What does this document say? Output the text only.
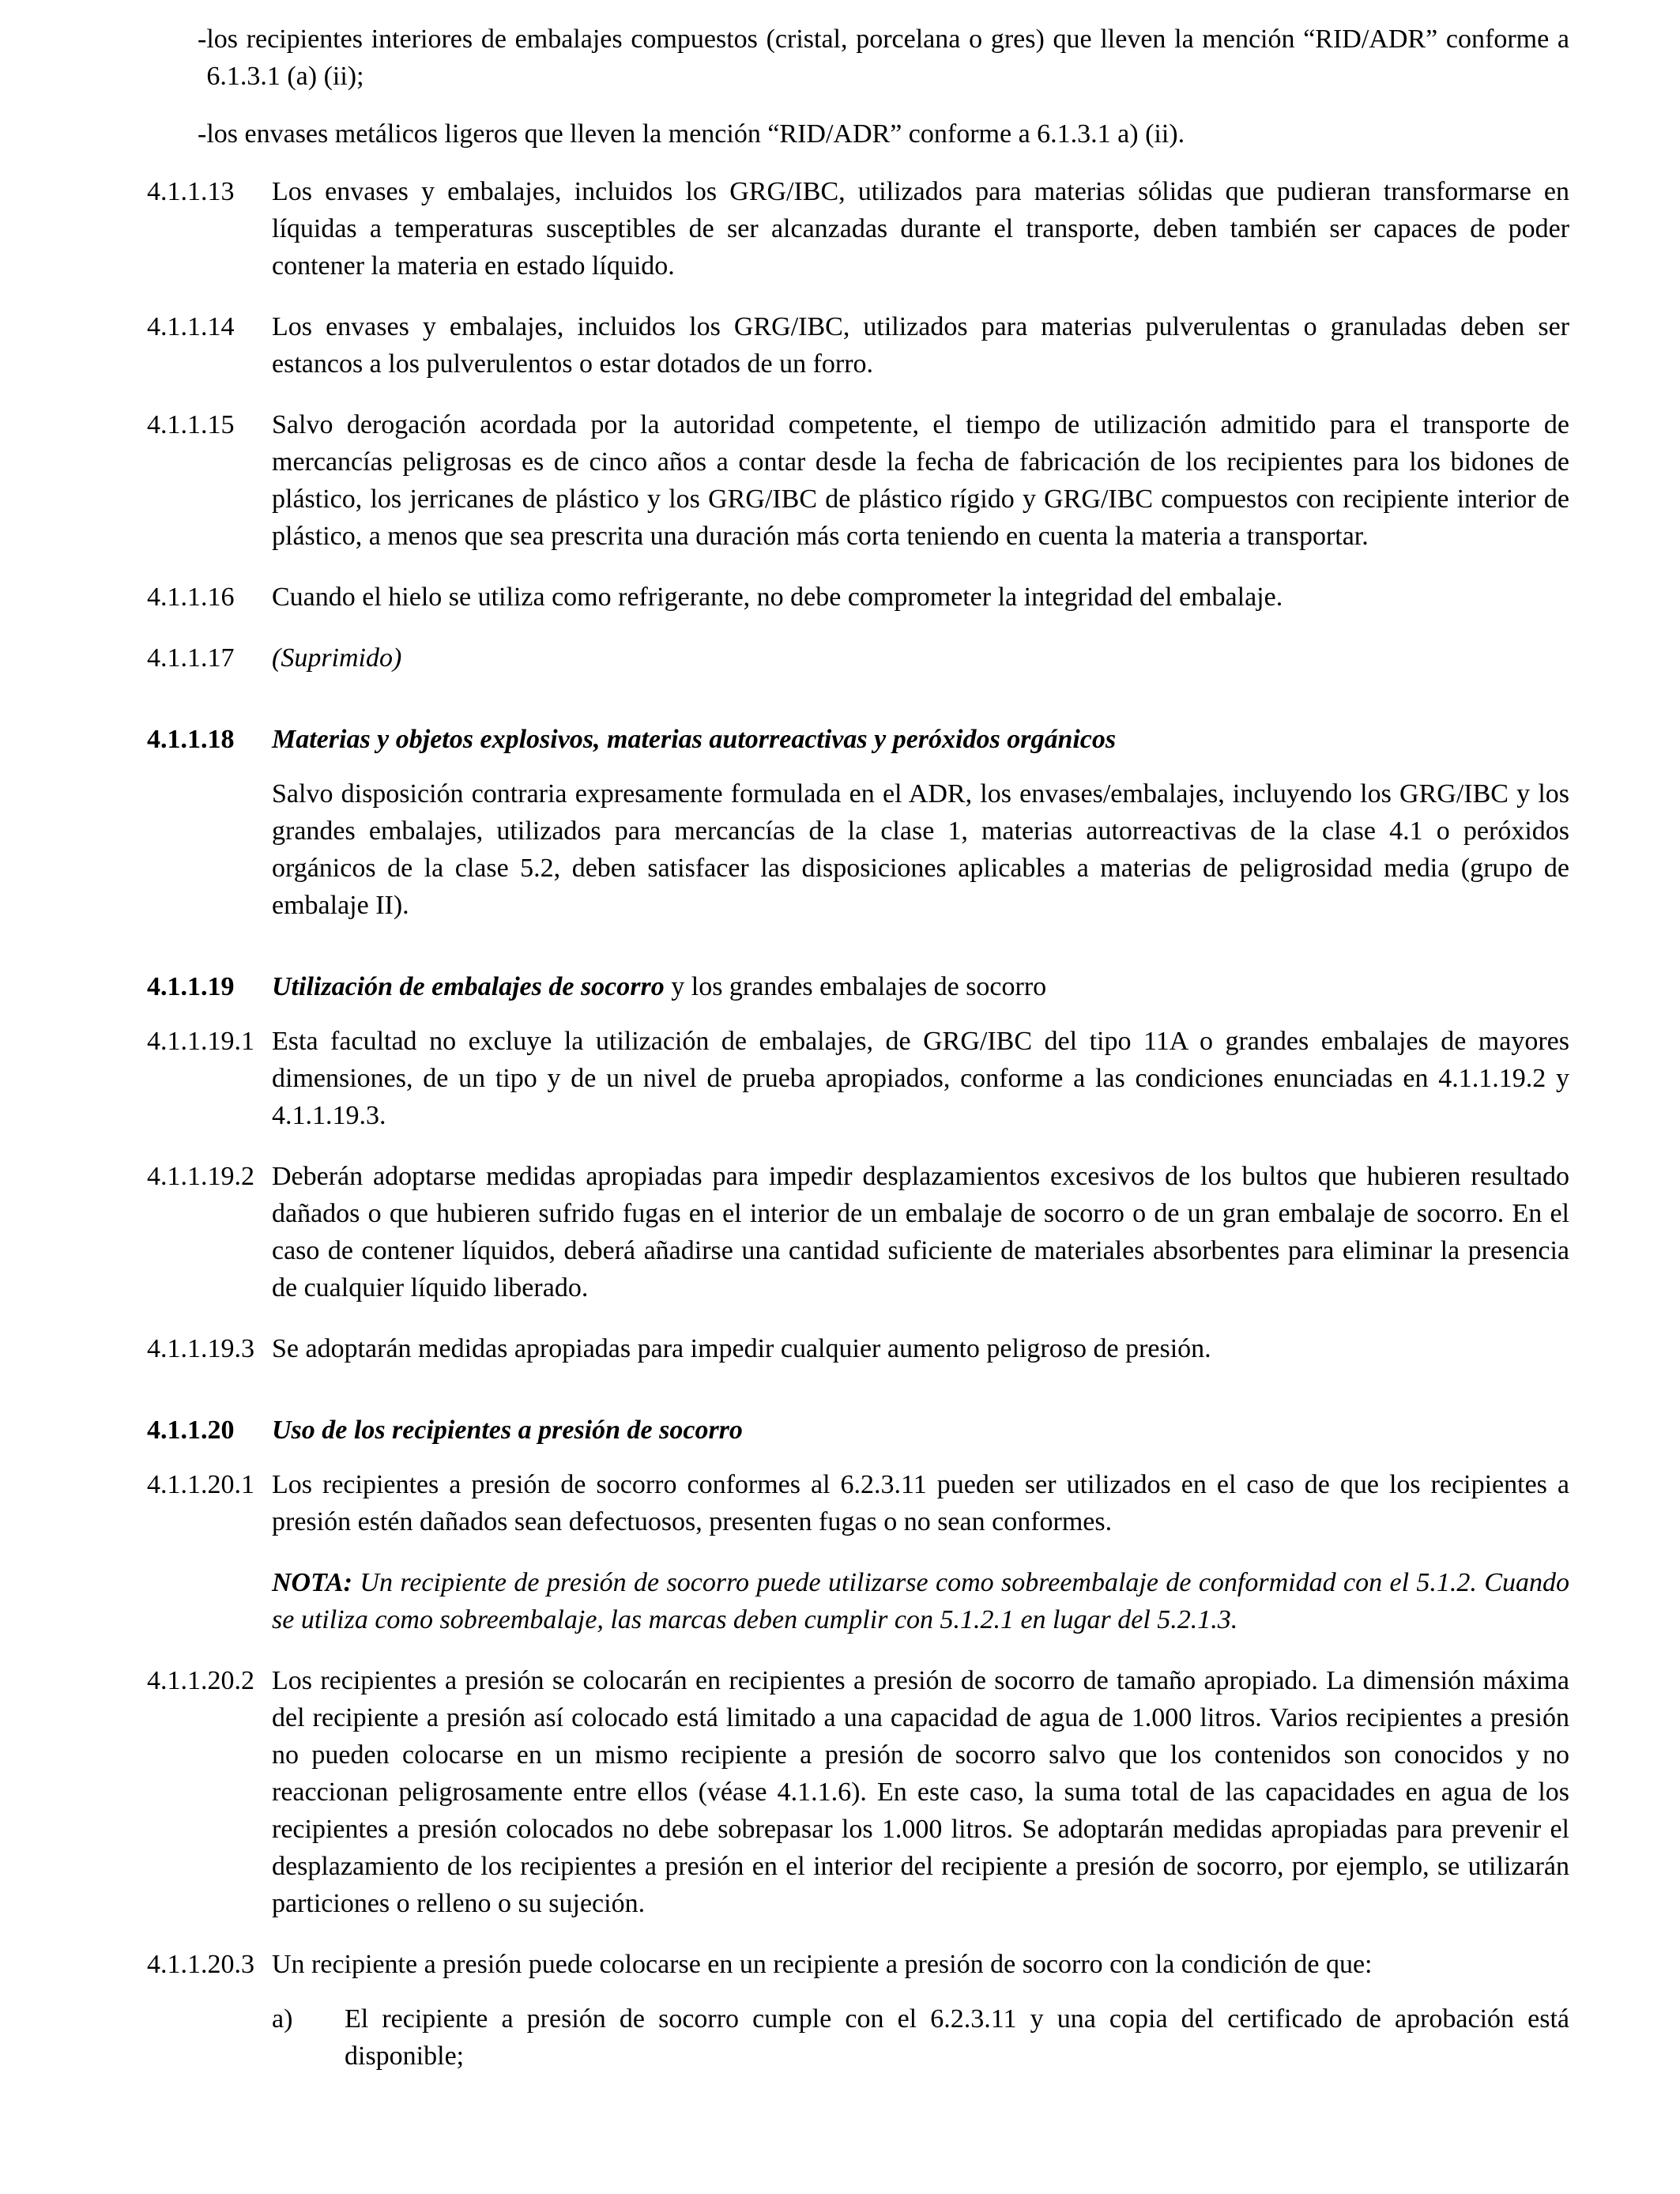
- los recipientes interiores de embalajes compuestos (cristal, porcelana o gres) que lleven la mención “RID/ADR” conforme a 6.1.3.1 (a) (ii);
- los envases metálicos ligeros que lleven la mención “RID/ADR” conforme a 6.1.3.1 a) (ii).
4.1.1.13	Los envases y embalajes, incluidos los GRG/IBC, utilizados para materias sólidas que pudieran transformarse en líquidas a temperaturas susceptibles de ser alcanzadas durante el transporte, deben también ser capaces de poder contener la materia en estado líquido.
4.1.1.14	Los envases y embalajes, incluidos los GRG/IBC, utilizados para materias pulverulentas o granuladas deben ser estancos a los pulverulentos o estar dotados de un forro.
4.1.1.15	Salvo derogación acordada por la autoridad competente, el tiempo de utilización admitido para el transporte de mercancías peligrosas es de cinco años a contar desde la fecha de fabricación de los recipientes para los bidones de plástico, los jerricanes de plástico y los GRG/IBC de plástico rígido y GRG/IBC compuestos con recipiente interior de plástico, a menos que sea prescrita una duración más corta teniendo en cuenta la materia a transportar.
4.1.1.16	Cuando el hielo se utiliza como refrigerante, no debe comprometer la integridad del embalaje.
4.1.1.17	(Suprimido)
4.1.1.18	Materias y objetos explosivos, materias autorreactivas y peróxidos orgánicos
Salvo disposición contraria expresamente formulada en el ADR, los envases/embalajes, incluyendo los GRG/IBC y los grandes embalajes, utilizados para mercancías de la clase 1, materias autorreactivas de la clase 4.1 o peróxidos orgánicos de la clase 5.2, deben satisfacer las disposiciones aplicables a materias de peligrosidad media (grupo de embalaje II).
4.1.1.19	Utilización de embalajes de socorro y los grandes embalajes de socorro
4.1.1.19.1 Esta facultad no excluye la utilización de embalajes, de GRG/IBC del tipo 11A o grandes embalajes de mayores dimensiones, de un tipo y de un nivel de prueba apropiados, conforme a las condiciones enunciadas en 4.1.1.19.2 y 4.1.1.19.3.
4.1.1.19.2 Deberán adoptarse medidas apropiadas para impedir desplazamientos excesivos de los bultos que hubieren resultado dañados o que hubieren sufrido fugas en el interior de un embalaje de socorro o de un gran embalaje de socorro. En el caso de contener líquidos, deberá añadirse una cantidad suficiente de materiales absorbentes para eliminar la presencia de cualquier líquido liberado.
4.1.1.19.3 Se adoptarán medidas apropiadas para impedir cualquier aumento peligroso de presión.
4.1.1.20	Uso de los recipientes a presión de socorro
4.1.1.20.1 Los recipientes a presión de socorro conformes al 6.2.3.11 pueden ser utilizados en el caso de que los recipientes a presión estén dañados sean defectuosos, presenten fugas o no sean conformes.
NOTA: Un recipiente de presión de socorro puede utilizarse como sobreembalaje de conformidad con el 5.1.2. Cuando se utiliza como sobreembalaje, las marcas deben cumplir con 5.1.2.1 en lugar del 5.2.1.3.
4.1.1.20.2 Los recipientes a presión se colocarán en recipientes a presión de socorro de tamaño apropiado. La dimensión máxima del recipiente a presión así colocado está limitado a una capacidad de agua de 1.000 litros. Varios recipientes a presión no pueden colocarse en un mismo recipiente a presión de socorro salvo que los contenidos son conocidos y no reaccionan peligrosamente entre ellos (véase 4.1.1.6). En este caso, la suma total de las capacidades en agua de los recipientes a presión colocados no debe sobrepasar los 1.000 litros. Se adoptarán medidas apropiadas para prevenir el desplazamiento de los recipientes a presión en el interior del recipiente a presión de socorro, por ejemplo, se utilizarán particiones o relleno o su sujeción.
4.1.1.20.3 Un recipiente a presión puede colocarse en un recipiente a presión de socorro con la condición de que:
a)	El recipiente a presión de socorro cumple con el 6.2.3.11 y una copia del certificado de aprobación está disponible;
